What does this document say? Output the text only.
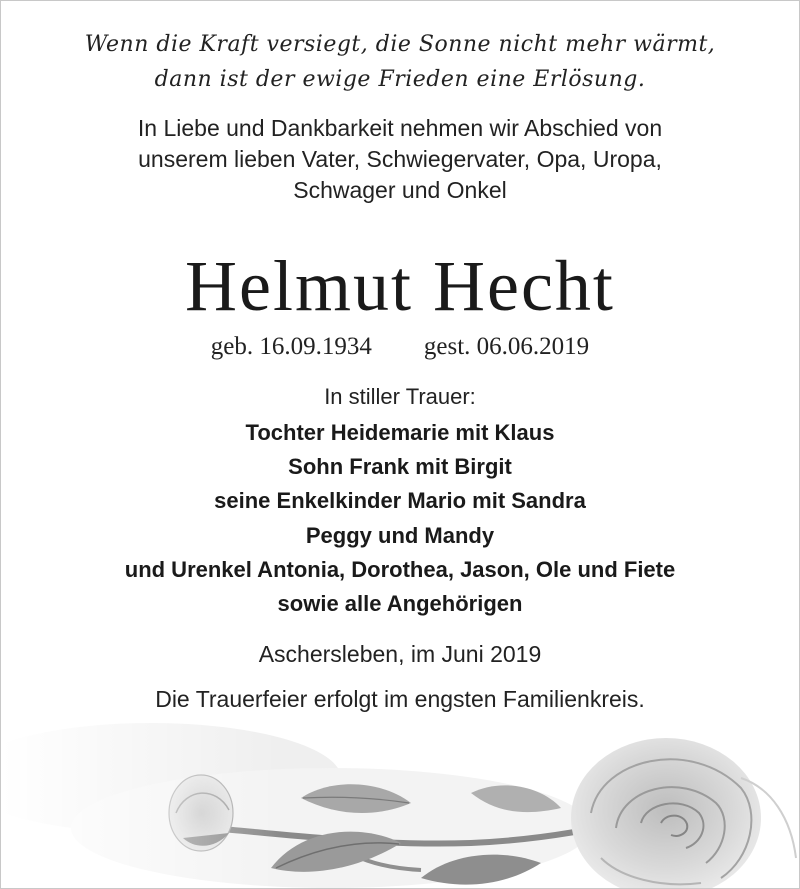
Wenn die Kraft versiegt, die Sonne nicht mehr wärmt,
dann ist der ewige Frieden eine Erlösung.
In Liebe und Dankbarkeit nehmen wir Abschied von
unserem lieben Vater, Schwiegervater, Opa, Uropa,
Schwager und Onkel
Helmut Hecht
geb. 16.09.1934 gest. 06.06.2019
In stiller Trauer:
Tochter Heidemarie mit Klaus
Sohn Frank mit Birgit
seine Enkelkinder Mario mit Sandra
Peggy und Mandy
und Urenkel Antonia, Dorothea, Jason, Ole und Fiete
sowie alle Angehörigen
Aschersleben, im Juni 2019
Die Trauerfeier erfolgt im engsten Familienkreis.
